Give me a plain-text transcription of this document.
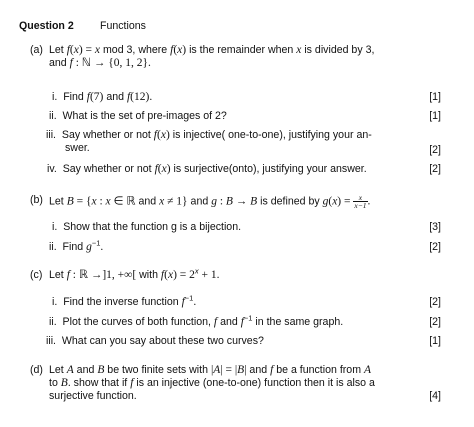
Question 2 Functions
(a) Let f(x) = x mod 3, where f(x) is the remainder when x is divided by 3,
and f : ℕ → {0, 1, 2}.
i. Find f(7) and f(12).	[1]
ii. What is the set of pre-images of 2?	[1]
iii. Say whether or not f(x) is injective( one-to-one), justifying your an-
swer.	[2]
iv. Say whether or not f(x) is surjective(onto), justifying your answer.	[2]
(b) Let B = {x : x ∈ ℝ and x ≠ 1} and g : B → B is defined by $g(x) = \frac{x}{x-1}$ .
i. Show that the function g is a bijection.	[3]
ii. Find $g^{-1}$.	[2]
(c) Let f : ℝ →]1, +∞[ with $f(x) = 2^x + 1$.
i. Find the inverse function $f^{-1}$.	[2]
ii. Plot the curves of both function, f and $f^{-1}$ in the same graph.	[2]
iii. What can you say about these two curves?	[1]
(d) Let A and B be two finite sets with |A| = |B| and f be a function from A
to B. show that if f is an injective (one-to-one) function then it is also a
surjective function.	[4]
